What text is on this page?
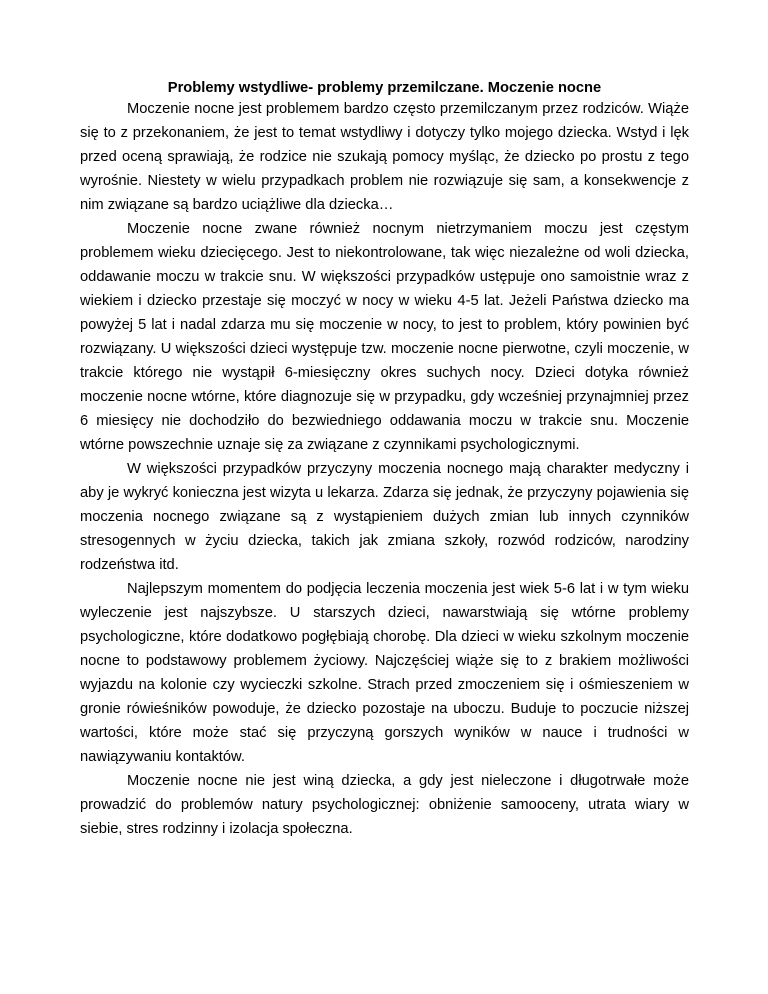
Problemy wstydliwe- problemy przemilczane. Moczenie nocne

Moczenie nocne jest problemem bardzo często przemilczanym przez rodziców. Wiąże się to z przekonaniem, że jest to temat wstydliwy i dotyczy tylko mojego dziecka. Wstyd i lęk przed oceną sprawiają, że rodzice nie szukają pomocy myśląc, że dziecko po prostu z tego wyrośnie. Niestety w wielu przypadkach problem nie rozwiązuje się sam, a konsekwencje z nim związane są bardzo uciążliwe dla dziecka…

Moczenie nocne zwane również nocnym nietrzymaniem moczu jest częstym problemem wieku dziecięcego. Jest to niekontrolowane, tak więc niezależne od woli dziecka, oddawanie moczu w trakcie snu. W większości przypadków ustępuje ono samoistnie wraz z wiekiem i dziecko przestaje się moczyć w nocy w wieku 4-5 lat. Jeżeli Państwa dziecko ma powyżej 5 lat i nadal zdarza mu się moczenie w nocy, to jest to problem, który powinien być rozwiązany. U większości dzieci występuje tzw. moczenie nocne pierwotne, czyli moczenie, w trakcie którego nie wystąpił 6-miesięczny okres suchych nocy. Dzieci dotyka również moczenie nocne wtórne, które diagnozuje się w przypadku, gdy wcześniej przynajmniej przez 6 miesięcy nie dochodziło do bezwiedniego oddawania moczu w trakcie snu. Moczenie wtórne powszechnie uznaje się za związane z czynnikami psychologicznymi.

W większości przypadków przyczyny moczenia nocnego mają charakter medyczny i aby je wykryć konieczna jest wizyta u lekarza. Zdarza się jednak, że przyczyny pojawienia się moczenia nocnego związane są z wystąpieniem dużych zmian lub innych czynników stresogennych w życiu dziecka, takich jak zmiana szkoły, rozwód rodziców, narodziny rodzeństwa itd.

Najlepszym momentem do podjęcia leczenia moczenia jest wiek 5-6 lat i w tym wieku wyleczenie jest najszybsze. U starszych dzieci, nawarstwiają się wtórne problemy psychologiczne, które dodatkowo pogłębiają chorobę. Dla dzieci w wieku szkolnym moczenie nocne to podstawowy problemem życiowy. Najczęściej wiąże się to z brakiem możliwości wyjazdu na kolonie czy wycieczki szkolne. Strach przed zmoczeniem się i ośmieszeniem w gronie rówieśników powoduje, że dziecko pozostaje na uboczu. Buduje to poczucie niższej wartości, które może stać się przyczyną gorszych wyników w nauce i trudności w nawiązywaniu kontaktów.

Moczenie nocne nie jest winą dziecka, a gdy jest nieleczone i długotrwałe może prowadzić do problemów natury psychologicznej: obniżenie samooceny, utrata wiary w siebie, stres rodzinny i izolacja społeczna.
